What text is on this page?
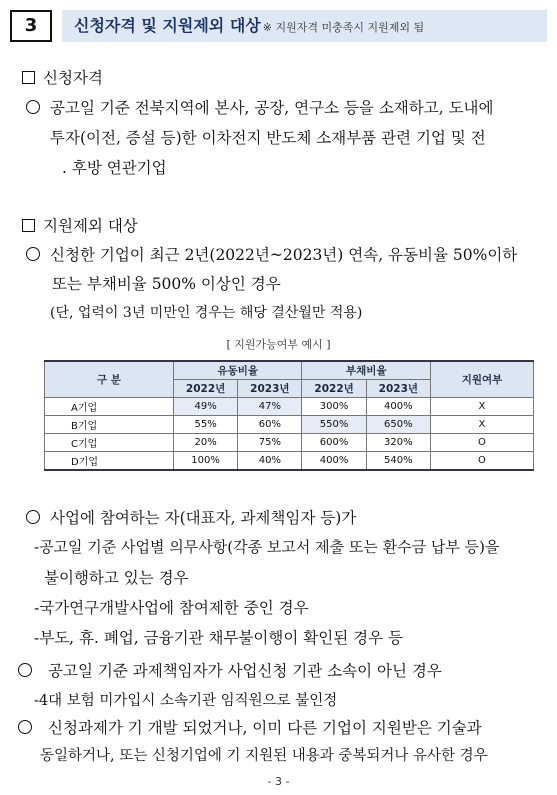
3	신청자격 및 지원제외 대상 ※ 지원자격 미충족시 지원제외 됨
신청자격
공고일 기준 전북지역에 본사, 공장, 연구소 등을 소재하고, 도내에
투자(이전, 증설 등)한 이차전지 반도체 소재부품 관련 기업 및 전
. 후방 연관기업
지원제외 대상
신청한 기업이 최근 2년(2022년~2023년) 연속, 유동비율 50%이하
또는 부채비율 500% 이상인 경우
(단, 업력이 3년 미만인 경우는 해당 결산월만 적용)
[ 지원가능여부 예시 ]
구 분	유동비율		부채비율		지원여부
	2022년	2023년	2022년	2023년	
A기업	49%	47%	300%	400%	X
B기업	55%	60%	550%	650%	X
C기업	20%	75%	600%	320%	O
D기업	100%	40%	400%	540%	O
사업에 참여하는 자(대표자, 과제책임자 등)가
-공고일 기준 사업별 의무사항(각종 보고서 제출 또는 환수금 납부 등)을
불이행하고 있는 경우
-국가연구개발사업에 참여제한 중인 경우
-부도, 휴. 폐업, 금융기관 채무불이행이 확인된 경우 등
공고일 기준 과제책임자가 사업신청 기관 소속이 아닌 경우
-4대 보험 미가입시 소속기관 임직원으로 불인정
신청과제가 기 개발 되었거나, 이미 다른 기업이 지원받은 기술과
동일하거나, 또는 신청기업에 기 지원된 내용과 중복되거나 유사한 경우
- 3 -
